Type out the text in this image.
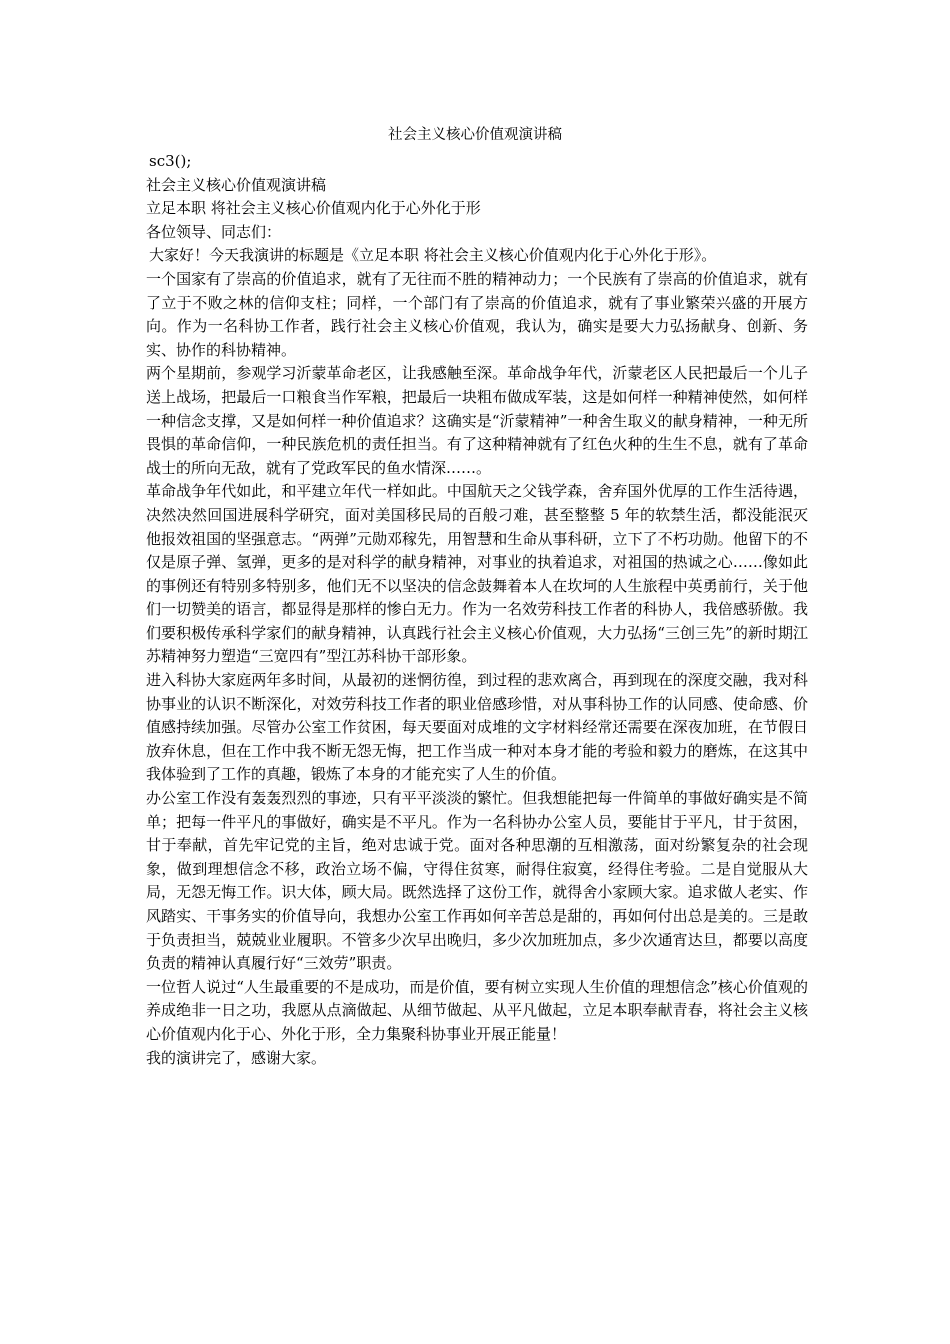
社会主义核心价值观演讲稿
sc3();
社会主义核心价值观演讲稿
立足本职 将社会主义核心价值观内化于心外化于形
各位领导、同志们：

大家好！今天我演讲的标题是《立足本职 将社会主义核心价值观内化于心外化于形》。

一个国家有了崇高的价值追求，就有了无往而不胜的精神动力；一个民族有了崇高的价值追求，就有了立于不败之林的信仰支柱；同样，一个部门有了崇高的价值追求，就有了事业繁荣兴盛的开展方向。作为一名科协工作者，践行社会主义核心价值观，我认为，确实是要大力弘扬献身、创新、务实、协作的科协精神。

两个星期前，参观学习沂蒙革命老区，让我感触至深。革命战争年代，沂蒙老区人民把最后一个儿子送上战场，把最后一口粮食当作军粮，把最后一块粗布做成军装，这是如何样一种精神使然，如何样一种信念支撑，又是如何样一种价值追求？这确实是“沂蒙精神”一种舍生取义的献身精神，一种无所畏惧的革命信仰，一种民族危机的责任担当。有了这种精神就有了红色火种的生生不息，就有了革命战士的所向无敌，就有了党政军民的鱼水情深……。

革命战争年代如此，和平建立年代一样如此。中国航天之父钱学森，舍弃国外优厚的工作生活待遇，决然决然回国进展科学研究，面对美国移民局的百般刁难，甚至整整 5 年的软禁生活，都没能泯灭他报效祖国的坚强意志。“两弹”元勋邓稼先，用智慧和生命从事科研，立下了不朽功勋。他留下的不仅是原子弹、氢弹，更多的是对科学的献身精神，对事业的执着追求，对祖国的热诚之心……像如此的事例还有特别多特别多，他们无不以坚决的信念鼓舞着本人在坎坷的人生旅程中英勇前行，关于他们一切赞美的语言，都显得是那样的惨白无力。作为一名效劳科技工作者的科协人，我倍感骄傲。我们要积极传承科学家们的献身精神，认真践行社会主义核心价值观，大力弘扬“三创三先”的新时期江苏精神努力塑造“三宽四有”型江苏科协干部形象。

进入科协大家庭两年多时间，从最初的迷惘彷徨，到过程的悲欢离合，再到现在的深度交融，我对科协事业的认识不断深化，对效劳科技工作者的职业倍感珍惜，对从事科协工作的认同感、使命感、价值感持续加强。尽管办公室工作贫困，每天要面对成堆的文字材料经常还需要在深夜加班，在节假日放弃休息，但在工作中我不断无怨无悔，把工作当成一种对本身才能的考验和毅力的磨炼，在这其中我体验到了工作的真趣，锻炼了本身的才能充实了人生的价值。

办公室工作没有轰轰烈烈的事迹，只有平平淡淡的繁忙。但我想能把每一件简单的事做好确实是不简单；把每一件平凡的事做好，确实是不平凡。作为一名科协办公室人员，要能甘于平凡，甘于贫困，甘于奉献，首先牢记党的主旨，绝对忠诚于党。面对各种思潮的互相激荡，面对纷繁复杂的社会现象，做到理想信念不移，政治立场不偏，守得住贫寒，耐得住寂寞，经得住考验。二是自觉服从大局，无怨无悔工作。识大体，顾大局。既然选择了这份工作，就得舍小家顾大家。追求做人老实、作风踏实、干事务实的价值导向，我想办公室工作再如何辛苦总是甜的，再如何付出总是美的。三是敢于负责担当，兢兢业业履职。不管多少次早出晚归，多少次加班加点，多少次通宵达旦，都要以高度负责的精神认真履行好“三效劳”职责。

一位哲人说过“人生最重要的不是成功，而是价值，要有树立实现人生价值的理想信念”核心价值观的养成绝非一日之功，我愿从点滴做起、从细节做起、从平凡做起，立足本职奉献青春，将社会主义核心价值观内化于心、外化于形，全力集聚科协事业开展正能量！

我的演讲完了，感谢大家。
